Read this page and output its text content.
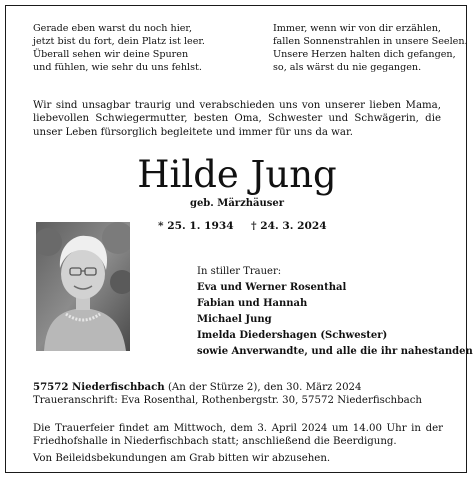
Gerade eben warst du noch hier,
jetzt bist du fort, dein Platz ist leer.
Überall sehen wir deine Spuren
und fühlen, wie sehr du uns fehlst.
Immer, wenn wir von dir erzählen,
fallen Sonnenstrahlen in unsere Seelen.
Unsere Herzen halten dich gefangen,
so, als wärst du nie gegangen.
Wir sind unsagbar traurig und verabschieden uns von unserer lieben Mama, liebevollen Schwiegermutter, besten Oma, Schwester und Schwägerin, die unser Leben fürsorglich begleitete und immer für uns da war.
Hilde Jung
geb. Märzhäuser
* 25. 1. 1934 † 24. 3. 2024
In stiller Trauer:
Eva und Werner Rosenthal
Fabian und Hannah
Michael Jung
Imelda Diedershagen (Schwester)
sowie Anverwandte, und alle die ihr nahestanden
57572 Niederfischbach (An der Stürze 2), den 30. März 2024
Traueranschrift: Eva Rosenthal, Rothenbergstr. 30, 57572 Niederfischbach
Die Trauerfeier findet am Mittwoch, dem 3. April 2024 um 14.00 Uhr in der Friedhofshalle in Niederfischbach statt; anschließend die Beerdigung.
Von Beileidsbekundungen am Grab bitten wir abzusehen.
